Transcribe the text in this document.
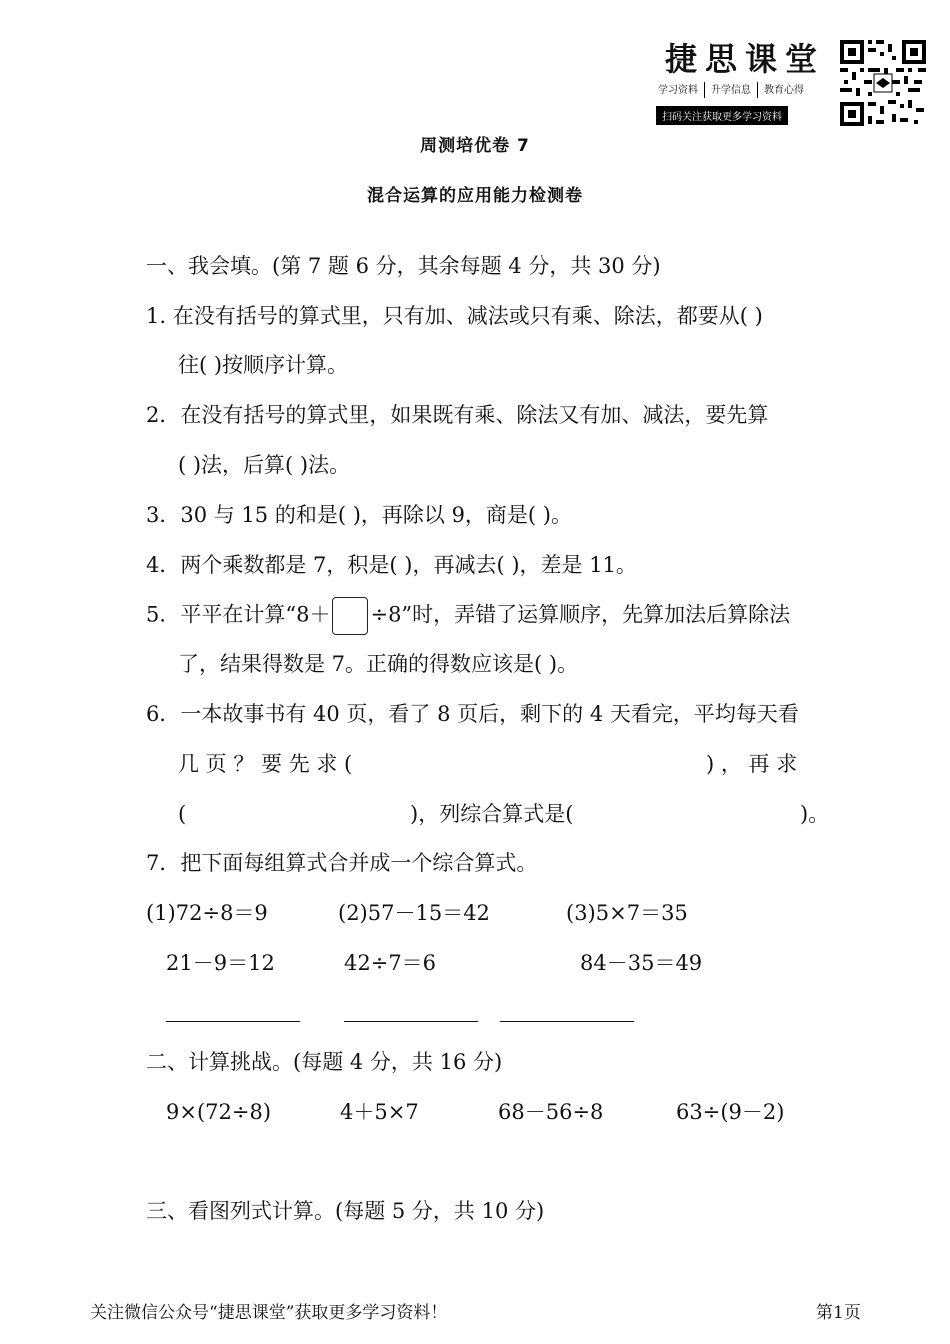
捷思课堂
学习资料 升学信息 教育心得
扫码关注获取更多学习资料
周测培优卷 7
混合运算的应用能力检测卷
一、我会填。(第 7 题 6 分，其余每题 4 分，共 30 分)
1. 在没有括号的算式里，只有加、减法或只有乘、除法，都要从( )
往( )按顺序计算。
2．在没有括号的算式里，如果既有乘、除法又有加、减法，要先算
( )法，后算( )法。
3．30 与 15 的和是( )，再除以 9，商是( )。
4．两个乘数都是 7，积是( )，再减去( )，差是 11。
5．平平在计算“8＋ ÷8”时，弄错了运算顺序，先算加法后算除法
了，结果得数是 7。正确的得数应该是( )。
6．一本故事书有 40 页，看了 8 页后，剩下的 4 天看完，平均每天看
几 页 ？ 要 先 求 (	) ， 再 求
(	)，列综合算式是(	)。
7．把下面每组算式合并成一个综合算式。
(1)72÷8＝9	(2)57－15＝42	(3)5×7＝35
21－9＝12	42÷7＝6	84－35＝49
二、计算挑战。(每题 4 分，共 16 分)
9×(72÷8)	4＋5×7	68－56÷8	63÷(9－2)
三、看图列式计算。(每题 5 分，共 10 分)
关注微信公众号“捷思课堂”获取更多学习资料！	第1页
